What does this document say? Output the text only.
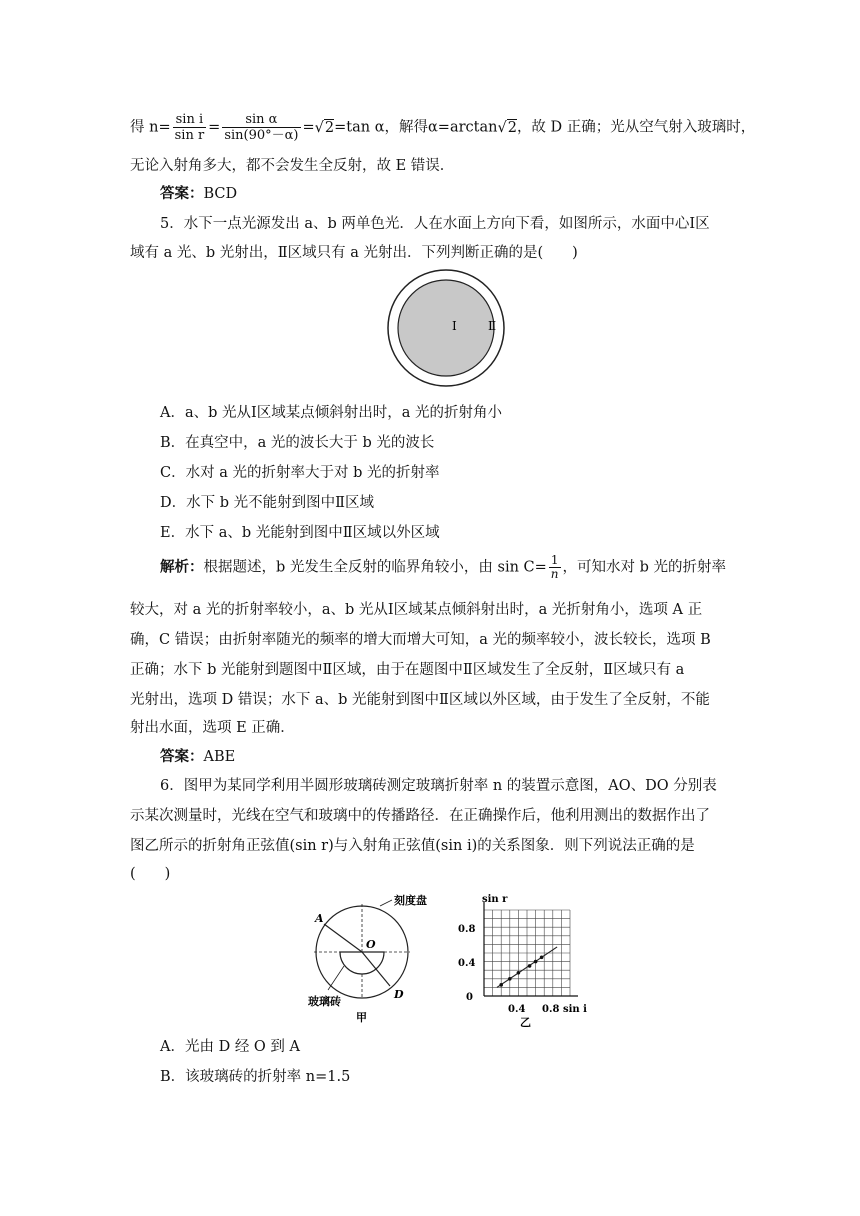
得 $n= \frac{\text{sin i}}{\text{sin r}} = \frac{\text{sin α}}{\sin(90^\circ-\alpha)} =√2=\tan$ α，解得α=arctan√2，故 D 正确；光从空气射入玻璃时，
无论入射角多大，都不会发生全反射，故 E 错误．
答案：BCD
5．水下一点光源发出 a、b 两单色光．人在水面上方向下看，如图所示，水面中心Ⅰ区
域有 a 光、b 光射出，Ⅱ区域只有 a 光射出．下列判断正确的是(　　)
Ⅰ	Ⅱ
A．a、b 光从Ⅰ区域某点倾斜射出时，a 光的折射角小
B．在真空中，a 光的波长大于 b 光的波长
C．水对 a 光的折射率大于对 b 光的折射率
D．水下 b 光不能射到图中Ⅱ区域
E．水下 a、b 光能射到图中Ⅱ区域以外区域
解析：根据题述，b 光发生全反射的临界角较小，由 $\sin C= \frac{1}{n}$ ，可知水对 b 光的折射率
较大，对 a 光的折射率较小，a、b 光从Ⅰ区域某点倾斜射出时，a 光折射角小，选项 A 正
确，C 错误；由折射率随光的频率的增大而增大可知，a 光的频率较小，波长较长，选项 B
正确；水下 b 光能射到题图中Ⅱ区域，由于在题图中Ⅱ区域发生了全反射，Ⅱ区域只有 a
光射出，选项 D 错误；水下 a、b 光能射到图中Ⅱ区域以外区域，由于发生了全反射，不能
射出水面，选项 E 正确．
答案：ABE
6．图甲为某同学利用半圆形玻璃砖测定玻璃折射率 n 的装置示意图，AO、DO 分别表
示某次测量时，光线在空气和玻璃中的传播路径．在正确操作后，他利用测出的数据作出了
图乙所示的折射角正弦值(sin r)与入射角正弦值(sin i)的关系图象．则下列说法正确的是
(　　)
刻度盘
A
O
D
玻璃砖
甲
sin r
sin i
0.8
0.4
0
0.4 0.8
乙
A．光由 D 经 O 到 A
B．该玻璃砖的折射率 n=1.5
